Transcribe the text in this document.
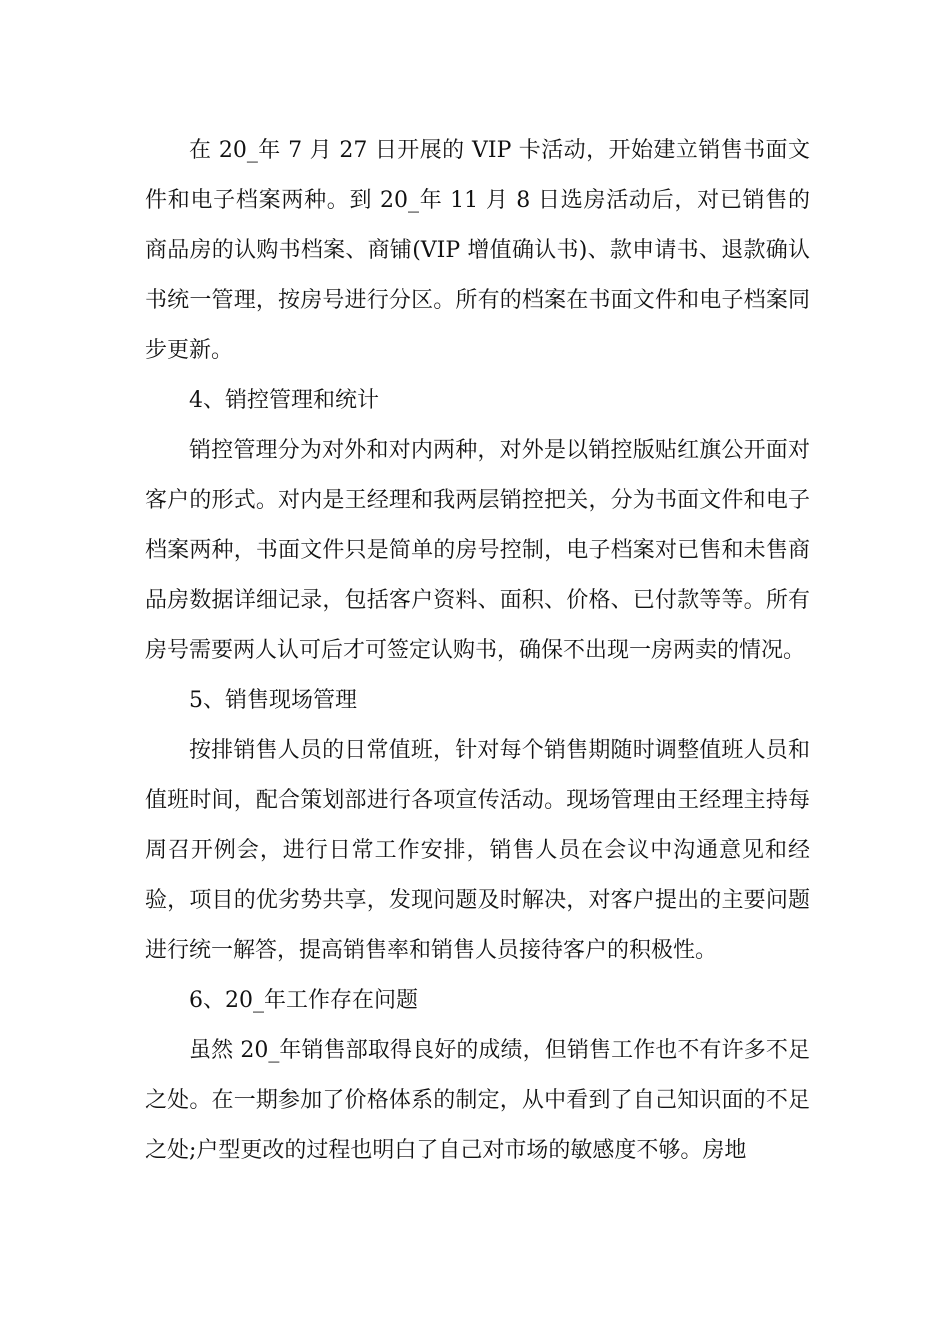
在 20_年 7 月 27 日开展的 VIP 卡活动，开始建立销售书面文件和电子档案两种。到 20_年 11 月 8 日选房活动后，对已销售的商品房的认购书档案、商铺(VIP 增值确认书)、款申请书、退款确认书统一管理，按房号进行分区。所有的档案在书面文件和电子档案同步更新。

4、销控管理和统计

销控管理分为对外和对内两种，对外是以销控版贴红旗公开面对客户的形式。对内是王经理和我两层销控把关，分为书面文件和电子档案两种，书面文件只是简单的房号控制，电子档案对已售和未售商品房数据详细记录，包括客户资料、面积、价格、已付款等等。所有房号需要两人认可后才可签定认购书，确保不出现一房两卖的情况。

5、销售现场管理

按排销售人员的日常值班，针对每个销售期随时调整值班人员和值班时间，配合策划部进行各项宣传活动。现场管理由王经理主持每周召开例会，进行日常工作安排，销售人员在会议中沟通意见和经验，项目的优劣势共享，发现问题及时解决，对客户提出的主要问题进行统一解答，提高销售率和销售人员接待客户的积极性。

6、20_年工作存在问题

虽然 20_年销售部取得良好的成绩，但销售工作也不有许多不足之处。在一期参加了价格体系的制定，从中看到了自己知识面的不足之处;户型更改的过程也明白了自己对市场的敏感度不够。房地
